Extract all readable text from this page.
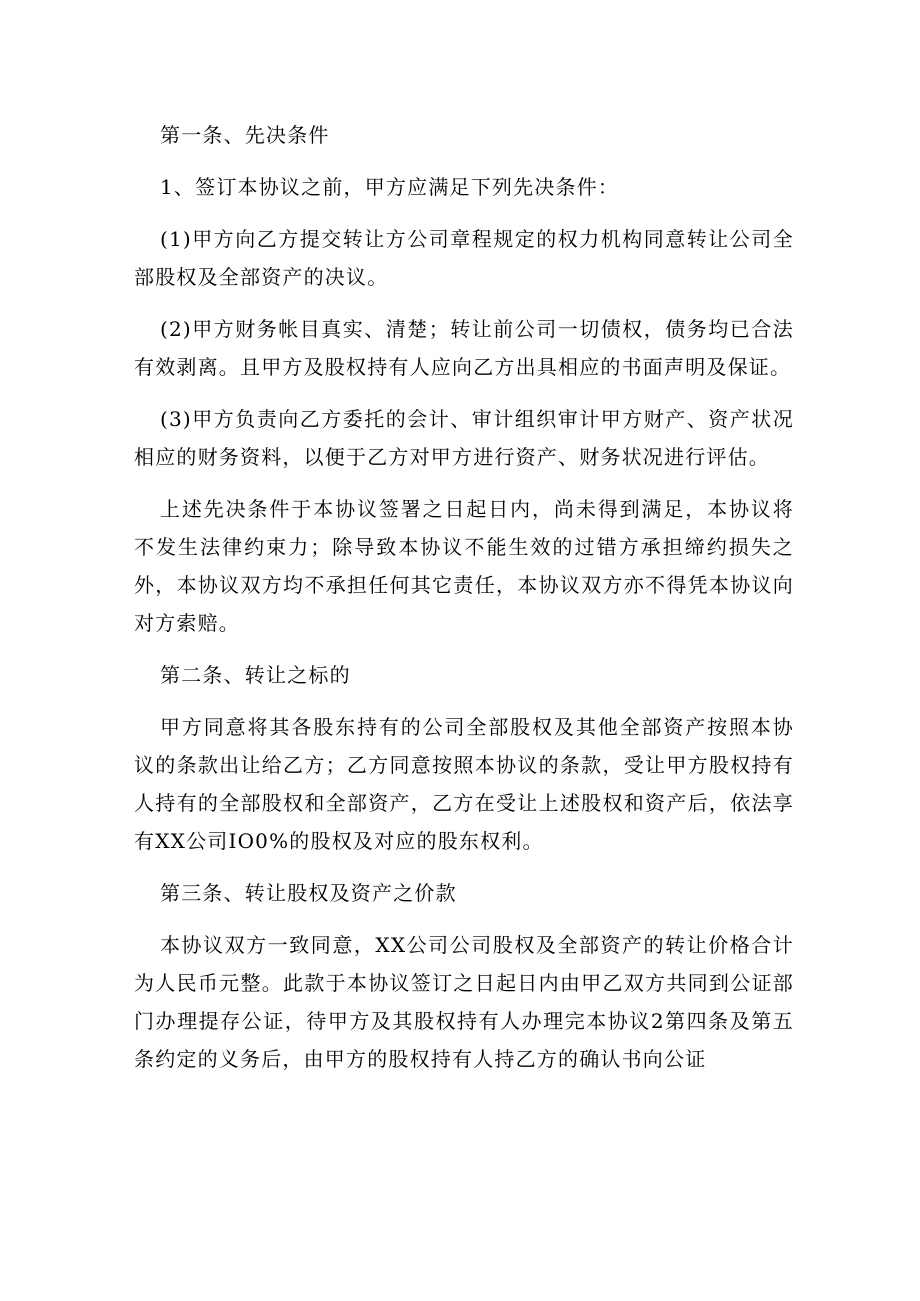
第一条、先决条件

1、签订本协议之前，甲方应满足下列先决条件：

(1)甲方向乙方提交转让方公司章程规定的权力机构同意转让公司全部股权及全部资产的决议。

(2)甲方财务帐目真实、清楚；转让前公司一切债权，债务均已合法有效剥离。且甲方及股权持有人应向乙方出具相应的书面声明及保证。

(3)甲方负责向乙方委托的会计、审计组织审计甲方财产、资产状况相应的财务资料，以便于乙方对甲方进行资产、财务状况进行评估。

上述先决条件于本协议签署之日起日内，尚未得到满足，本协议将不发生法律约束力；除导致本协议不能生效的过错方承担缔约损失之外，本协议双方均不承担任何其它责任，本协议双方亦不得凭本协议向对方索赔。

第二条、转让之标的

甲方同意将其各股东持有的公司全部股权及其他全部资产按照本协议的条款出让给乙方；乙方同意按照本协议的条款，受让甲方股权持有人持有的全部股权和全部资产，乙方在受让上述股权和资产后，依法享有XX公司IO0%的股权及对应的股东权利。

第三条、转让股权及资产之价款

本协议双方一致同意，XX公司公司股权及全部资产的转让价格合计为人民币元整。此款于本协议签订之日起日内由甲乙双方共同到公证部门办理提存公证，待甲方及其股权持有人办理完本协议2第四条及第五条约定的义务后，由甲方的股权持有人持乙方的确认书向公证
